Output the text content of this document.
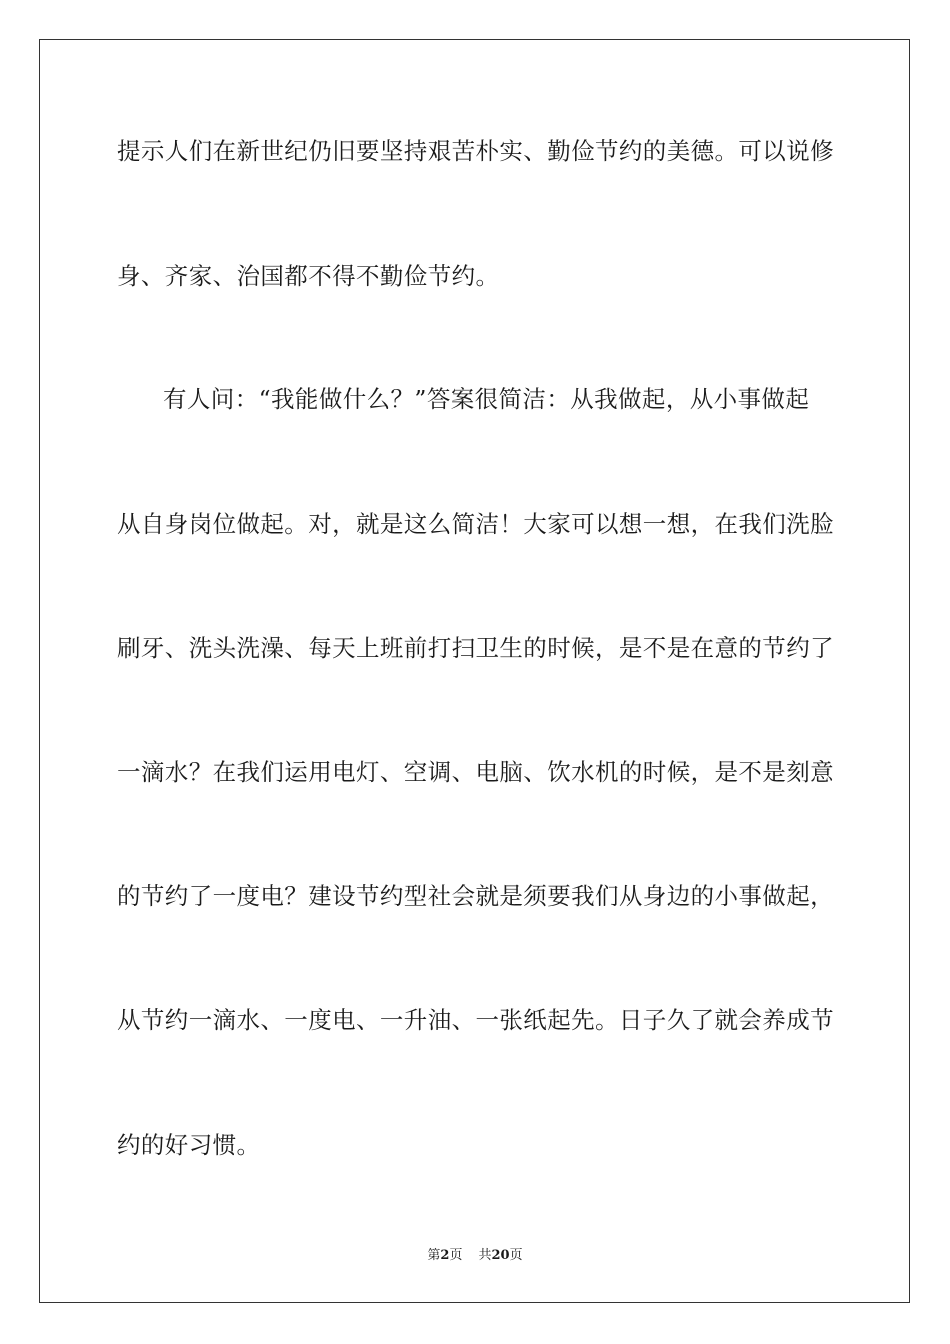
提示人们在新世纪仍旧要坚持艰苦朴实、勤俭节约的美德。可以说修
身、齐家、治国都不得不勤俭节约。
有人问：“我能做什么？”答案很简洁：从我做起，从小事做起
从自身岗位做起。对，就是这么简洁！大家可以想一想，在我们洗脸
刷牙、洗头洗澡、每天上班前打扫卫生的时候，是不是在意的节约了
一滴水？在我们运用电灯、空调、电脑、饮水机的时候，是不是刻意
的节约了一度电？建设节约型社会就是须要我们从身边的小事做起，
从节约一滴水、一度电、一升油、一张纸起先。日子久了就会养成节
约的好习惯。
第2页 共20页
